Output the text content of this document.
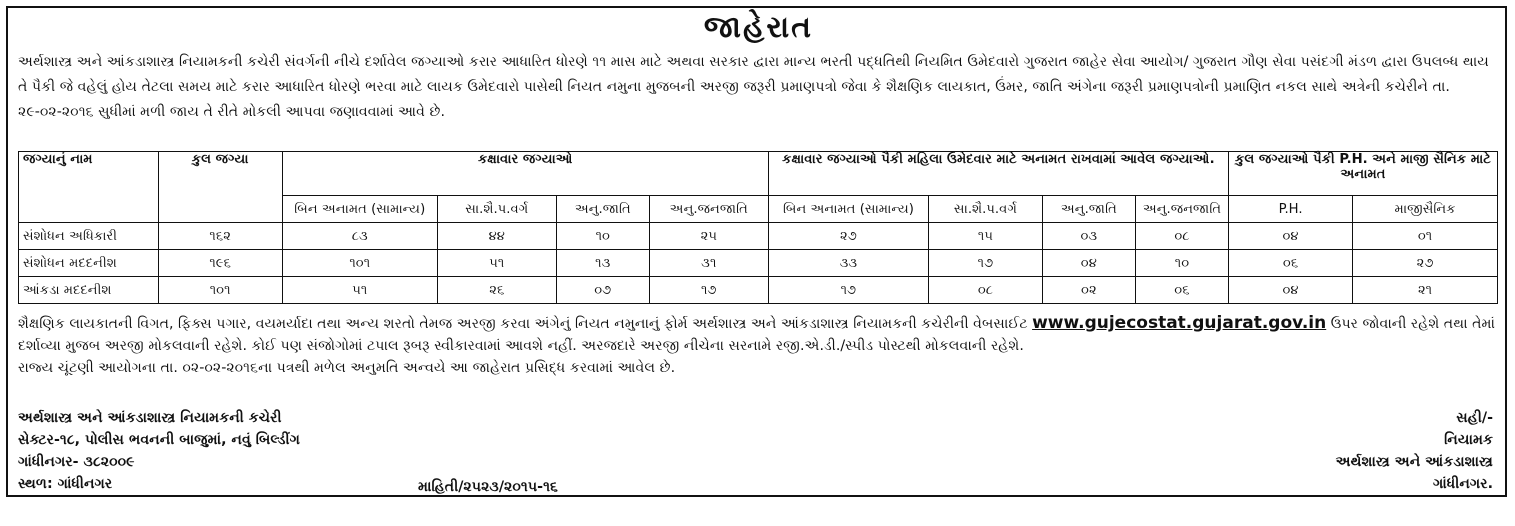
જાહેરાત
અર્થશાસ્ત્ર અને આંકડાશાસ્ત્ર નિયામકની કચેરી સંવર્ગની નીચે દર્શાવેલ જગ્યાઓ કરાર આધારિત ધોરણે ૧૧ માસ માટે અથવા સરકાર દ્વારા માન્ય ભરતી પદ્ધતિથી નિયમિત ઉમેદવારો ગુજરાત જાહેર સેવા આયોગ/ ગુજરાત ગૌણ સેવા પસંદગી મંડળ દ્વારા ઉપલબ્ધ થાય તે પૈકી જે વહેલું હોય તેટલા સમય માટે કરાર આધારિત ધોરણે ભરવા માટે લાયક ઉમેદવારો પાસેથી નિયત નમુના મુજબની અરજી જરૂરી પ્રમાણપત્રો જેવા કે શૈક્ષણિક લાયકાત, ઉંમર, જાતિ અંગેના જરૂરી પ્રમાણપત્રોની પ્રમાણિત નકલ સાથે અત્રેની કચેરીને તા. ૨૯-૦૨-૨૦૧૬ સુધીમાં મળી જાય તે રીતે મોકલી આપવા જણાવવામાં આવે છે.
જગ્યાનું નામ	કુલ જગ્યા	કક્ષાવાર જગ્યાઓ				કક્ષાવાર જગ્યાઓ પૈકી મહિલા ઉમેદવાર માટે અનામત રાખવામાં આવેલ જગ્યાઓ.				કુલ જગ્યાઓ પૈકી P.H. અને માજી સૈનિક માટે અનામત	
		બિન અનામત (સામાન્ય)	સા.શૈ.પ.વર્ગ	અનુ.જાતિ	અનુ.જનજાતિ	બિન અનામત (સામાન્ય)	સા.શૈ.પ.વર્ગ	અનુ.જાતિ	અનુ.જનજાતિ	P.H.	માજીસૈનિક
સંશોધન અધિકારી	૧૬૨	૮૩	૪૪	૧૦	૨૫	૨૭	૧૫	૦૩	૦૮	૦૪	૦૧
સંશોધન મદદનીશ	૧૯૬	૧૦૧	૫૧	૧૩	૩૧	૩૩	૧૭	૦૪	૧૦	૦૬	૨૭
આંકડા મદદનીશ	૧૦૧	૫૧	૨૬	૦૭	૧૭	૧૭	૦૮	૦૨	૦૬	૦૪	૨૧
શૈક્ષણિક લાયકાતની વિગત, ફિક્સ પગાર, વયમર્યાદા તથા અન્ય શરતો તેમજ અરજી કરવા અંગેનું નિયત નમુનાનું ફોર્મ અર્થશાસ્ત્ર અને આંકડાશાસ્ત્ર નિયામકની કચેરીની વેબસાઈટ www.gujecostat.gujarat.gov.in ઉપર જોવાની રહેશે તથા તેમાં દર્શાવ્યા મુજબ અરજી મોકલવાની રહેશે. કોઈ પણ સંજોગોમાં ટપાલ રૂબરૂ સ્વીકારવામાં આવશે નહીં. અરજદારે અરજી નીચેના સરનામે રજી.એ.ડી./સ્પીડ પોસ્ટથી મોકલવાની રહેશે.
રાજ્ય ચૂંટણી આયોગના તા. ૦૨-૦૨-૨૦૧૬ના પત્રથી મળેલ અનુમતિ અન્વયે આ જાહેરાત પ્રસિદ્ધ કરવામાં આવેલ છે.
અર્થશાસ્ત્ર અને આંકડાશાસ્ત્ર નિયામકની કચેરી
સેક્ટર-૧૮, પોલીસ ભવનની બાજુમાં, નવું બિલ્ડીંગ
ગાંધીનગર- ૩૮૨૦૦૯
સ્થળ: ગાંધીનગર	માહિતી/૨૫૨૩/૨૦૧૫-૧૬
સહી/-
નિયામક
અર્થશાસ્ત્ર અને આંકડાશાસ્ત્ર
ગાંધીનગર.
